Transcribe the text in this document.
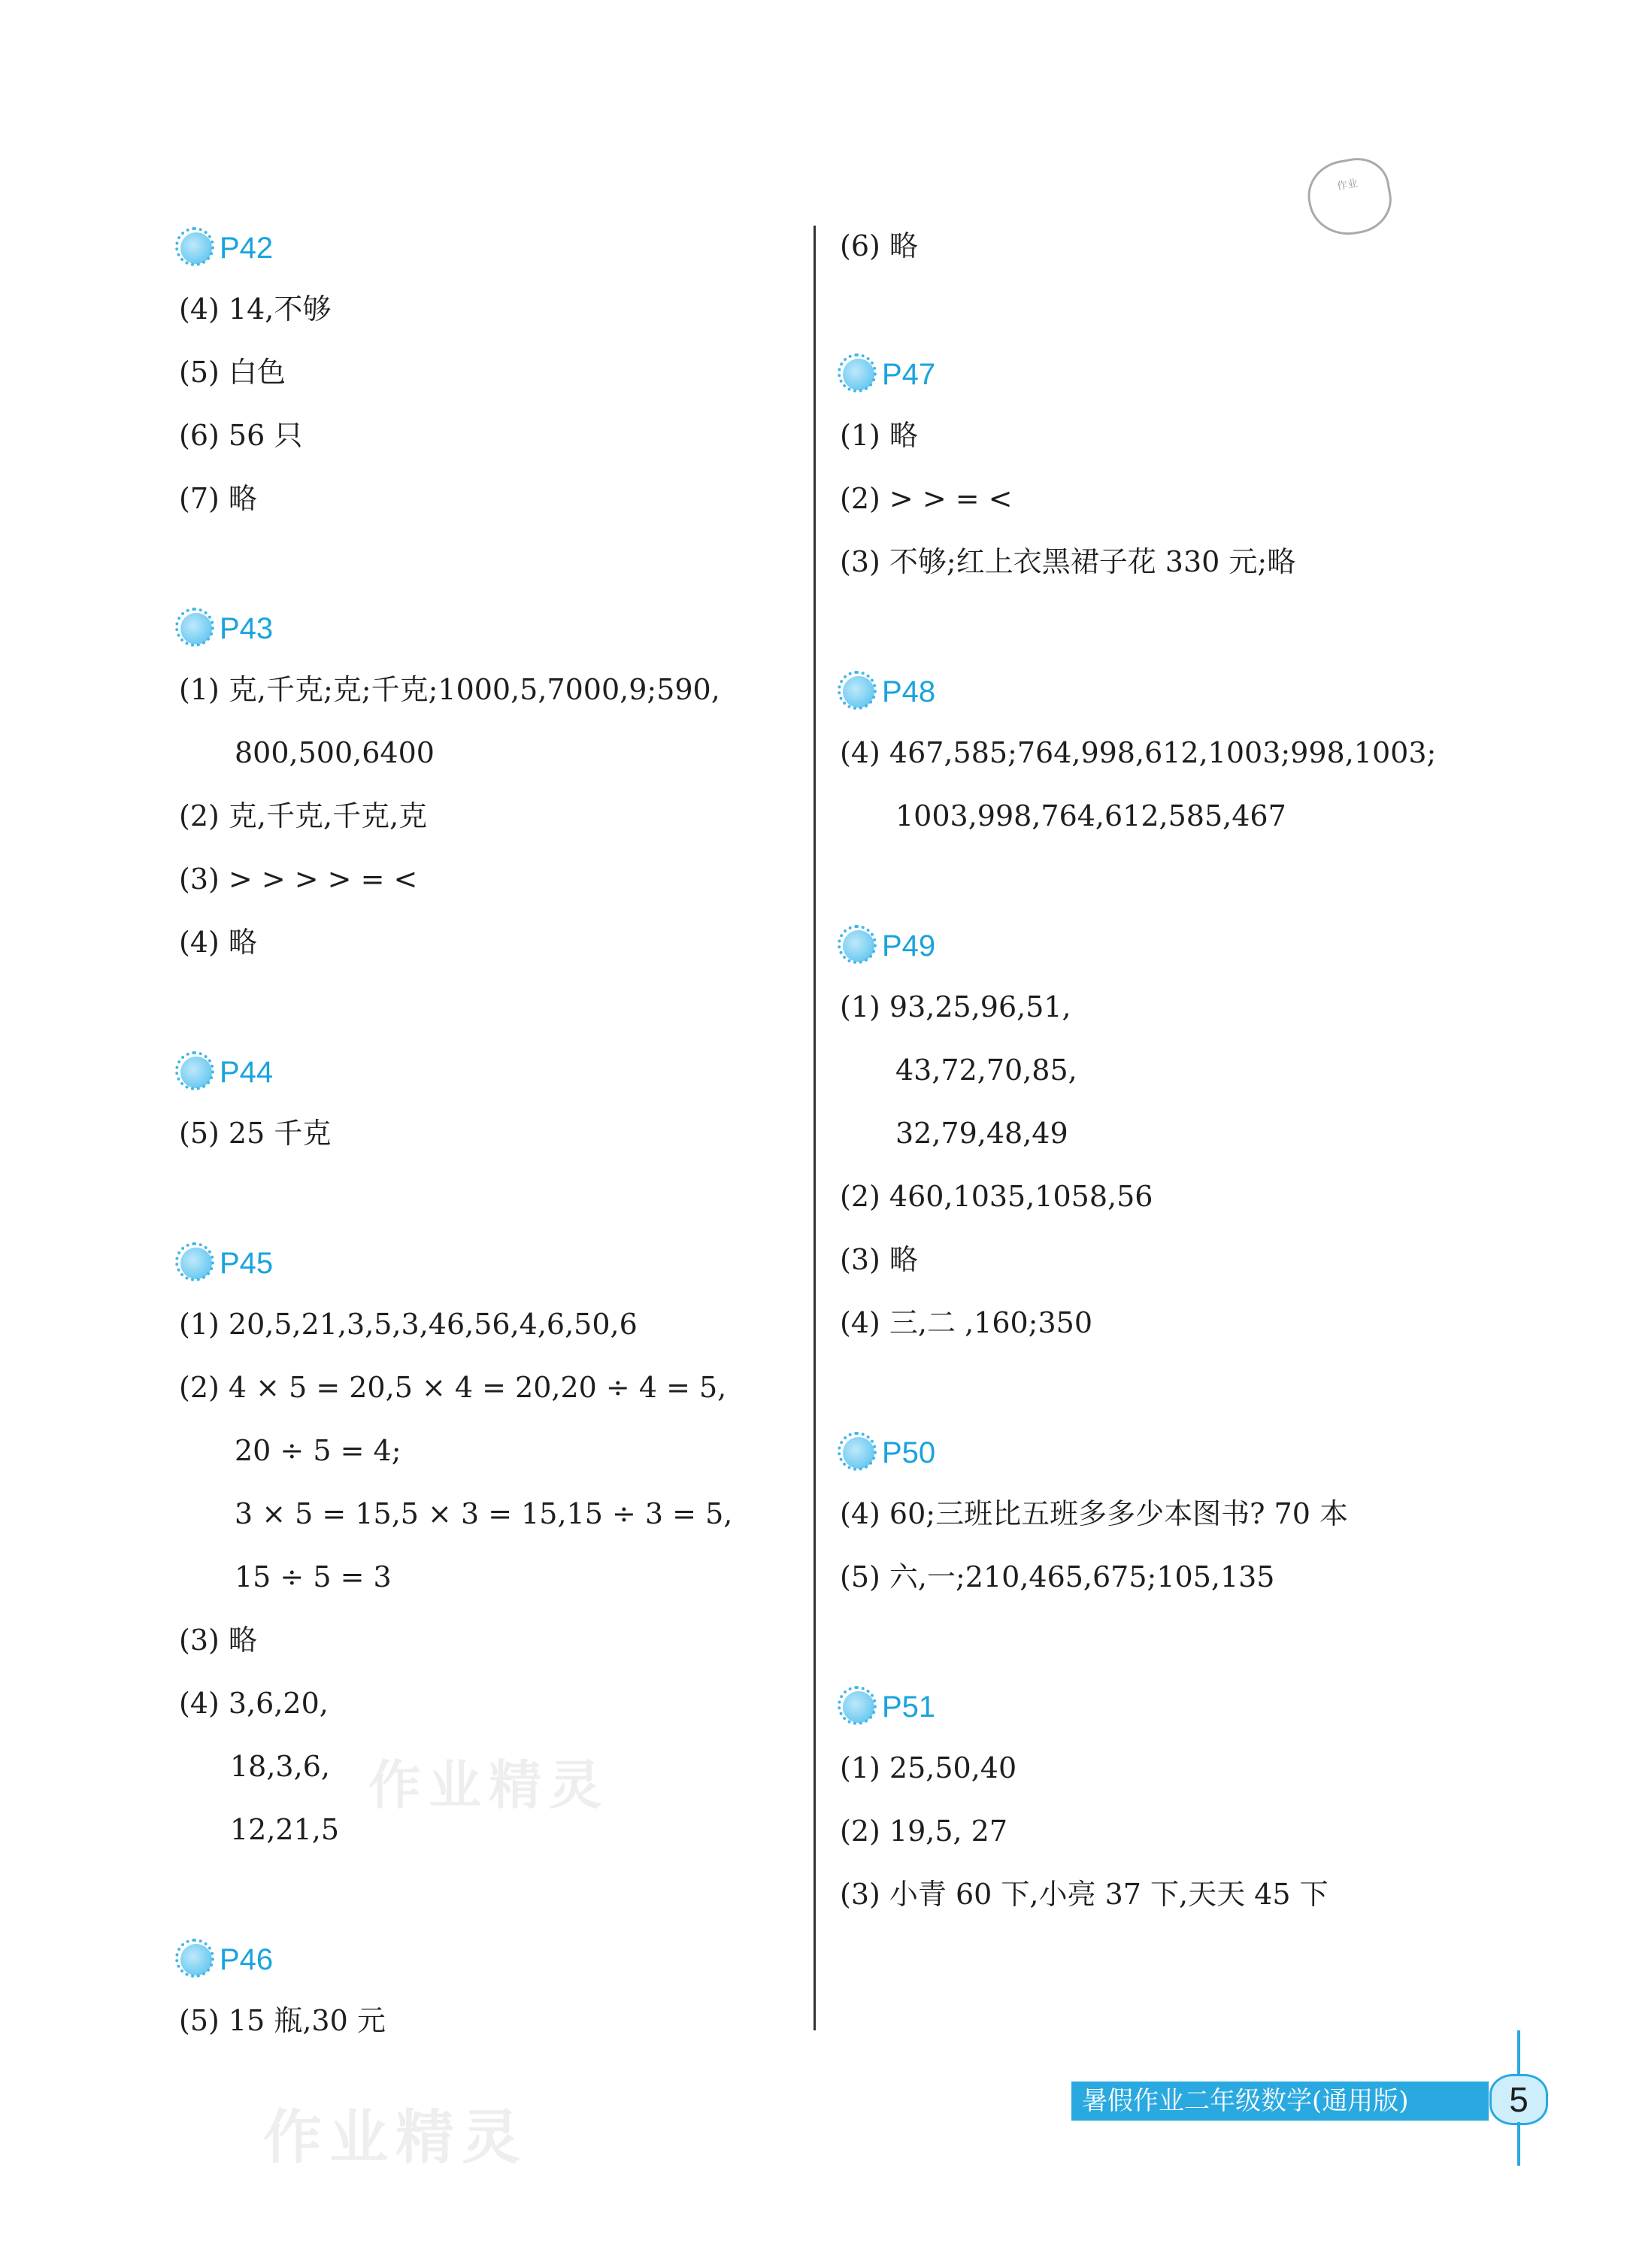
作业
P42
(4) 14,不够
(5) 白色
(6) 56 只
(7) 略
P43
(1) 克,千克;克;千克;1000,5,7000,9;590,
800,500,6400
(2) 克,千克,千克,克
(3) > > > > = <
(4) 略
P44
(5) 25 千克
P45
(1) 20,5,21,3,5,3,46,56,4,6,50,6
(2) 4 × 5 = 20,5 × 4 = 20,20 ÷ 4 = 5,
20 ÷ 5 = 4;
3 × 5 = 15,5 × 3 = 15,15 ÷ 3 = 5,
15 ÷ 5 = 3
(3) 略
(4) 3,6,20,
18,3,6,
12,21,5
P46
(5) 15 瓶,30 元
(6) 略
P47
(1) 略
(2) > > = <
(3) 不够;红上衣黑裙子花 330 元;略
P48
(4) 467,585;764,998,612,1003;998,1003;
1003,998,764,612,585,467
P49
(1) 93,25,96,51,
43,72,70,85,
32,79,48,49
(2) 460,1035,1058,56
(3) 略
(4) 三,二 ,160;350
P50
(4) 60;三班比五班多多少本图书? 70 本
(5) 六,一;210,465,675;105,135
P51
(1) 25,50,40
(2) 19,5, 27
(3) 小青 60 下,小亮 37 下,天天 45 下
作业精灵
作业精灵
暑假作业二年级数学(通用版)	5
